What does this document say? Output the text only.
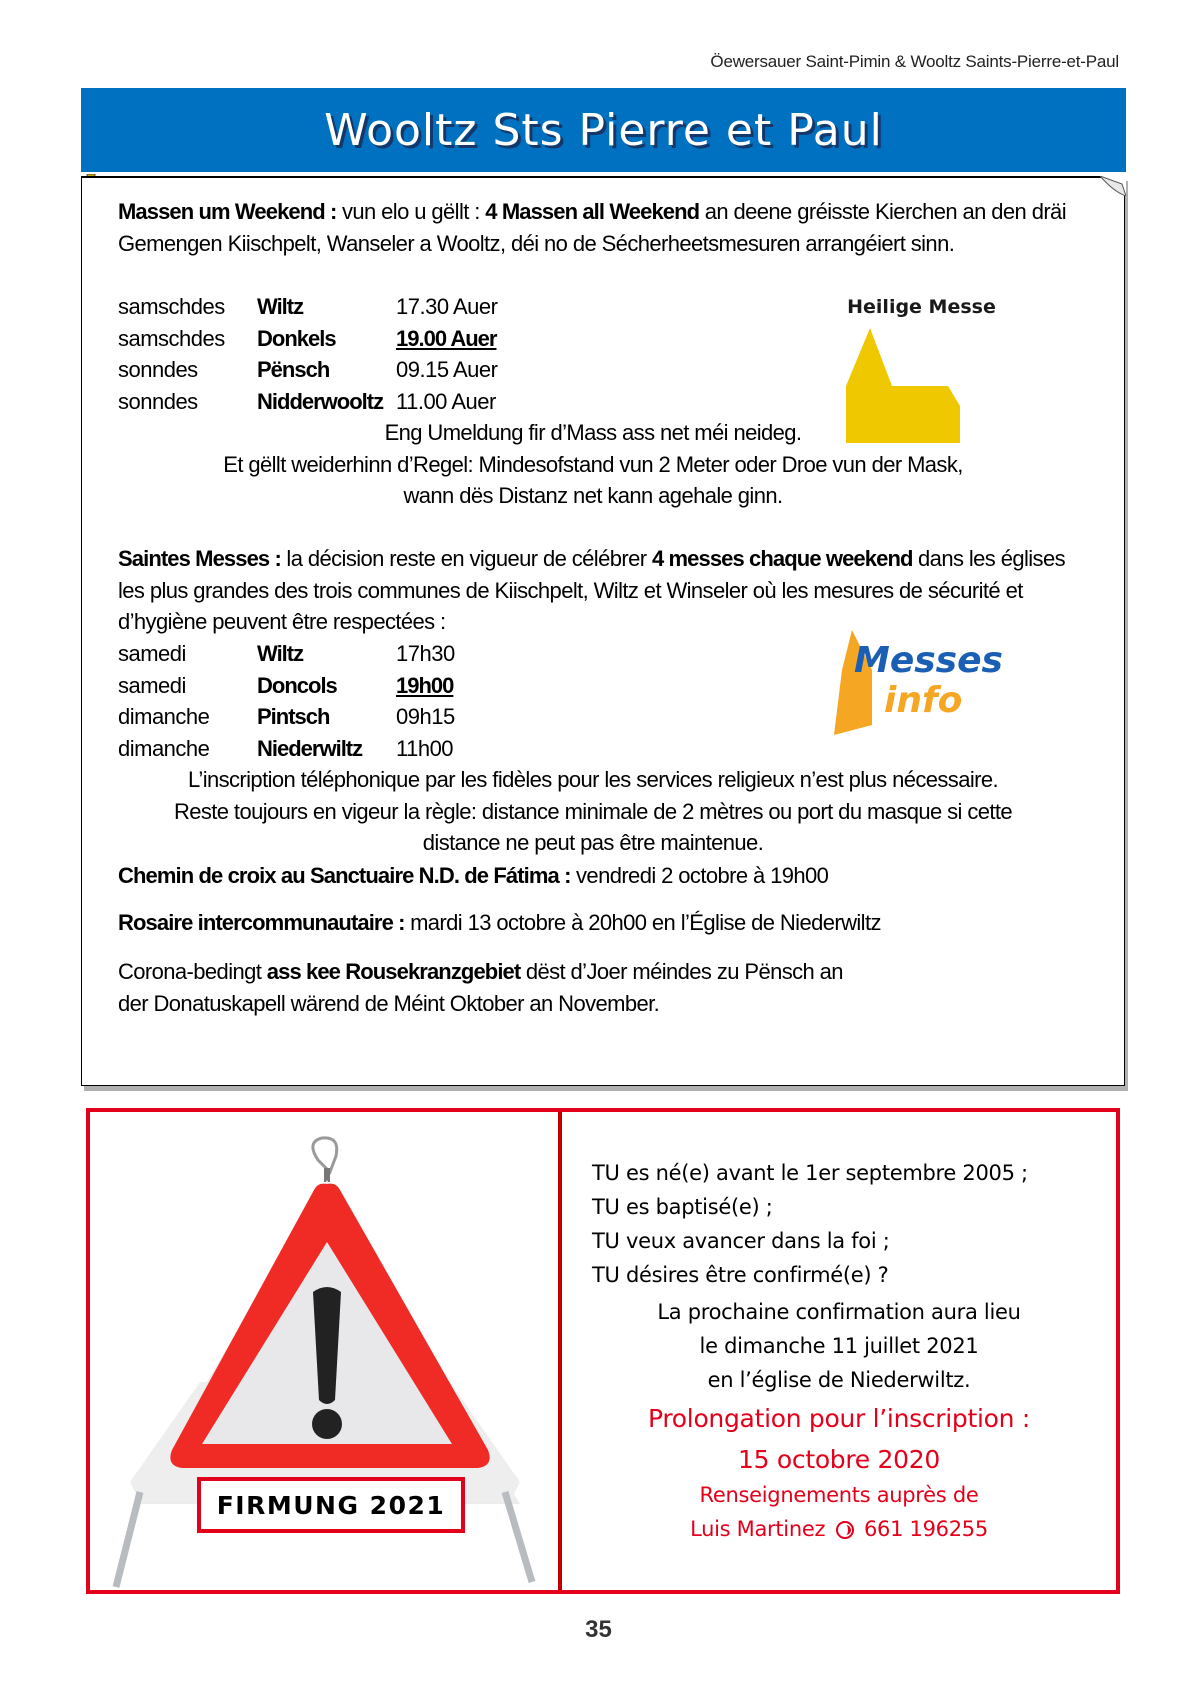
Öewersauer Saint-Pimin & Wooltz Saints-Pierre-et-Paul
Wooltz Sts Pierre et Paul
Massen um Weekend : vun elo u gëllt : 4 Massen all Weekend an deene gréisste Kierchen an den dräi Gemengen Kiischpelt, Wanseler a Wooltz, déi no de Sécherheetsmesuren arrangéiert sinn.
samschdes	Wiltz	17.30 Auer
samschdes	Donkels	19.00 Auer
sonndes	Pënsch	09.15 Auer
sonndes	Nidderwooltz 11.00 Auer
Eng Umeldung fir d’Mass ass net méi neideg.
Et gëllt weiderhinn d’Regel: Mindesofstand vun 2 Meter oder Droe vun der Mask,
wann dës Distanz net kann agehale ginn.
Heilige Messe
Saintes Messes : la décision reste en vigueur de célébrer 4 messes chaque weekend dans les églises les plus grandes des trois communes de Kiischpelt, Wiltz et Winseler où les mesures de sécurité et d’hygiène peuvent être respectées :
samedi	Wiltz	17h30
samedi	Doncols	19h00
dimanche	Pintsch	09h15
dimanche	Niederwiltz	11h00
L’inscription téléphonique par les fidèles pour les services religieux n’est plus nécessaire.
Reste toujours en vigeur la règle: distance minimale de 2 mètres ou port du masque si cette
distance ne peut pas être maintenue.
Messes
info
Chemin de croix au Sanctuaire N.D. de Fátima : vendredi 2 octobre à 19h00
Rosaire intercommunautaire : mardi 13 octobre à 20h00 en l’Église de Niederwiltz
Corona-bedingt ass kee Rousekranzgebiet dëst d’Joer méindes zu Pënsch an der Donatuskapell wärend de Méint Oktober an November.
FIRMUNG 2021
TU es né(e) avant le 1er septembre 2005 ;
TU es baptisé(e) ;
TU veux avancer dans la foi ;
TU désires être confirmé(e) ?
La prochaine confirmation aura lieu
le dimanche 11 juillet 2021
en l’église de Niederwiltz.
Prolongation pour l’inscription :
15 octobre 2020
Renseignements auprès de
Luis Martinez 661 196255
35
